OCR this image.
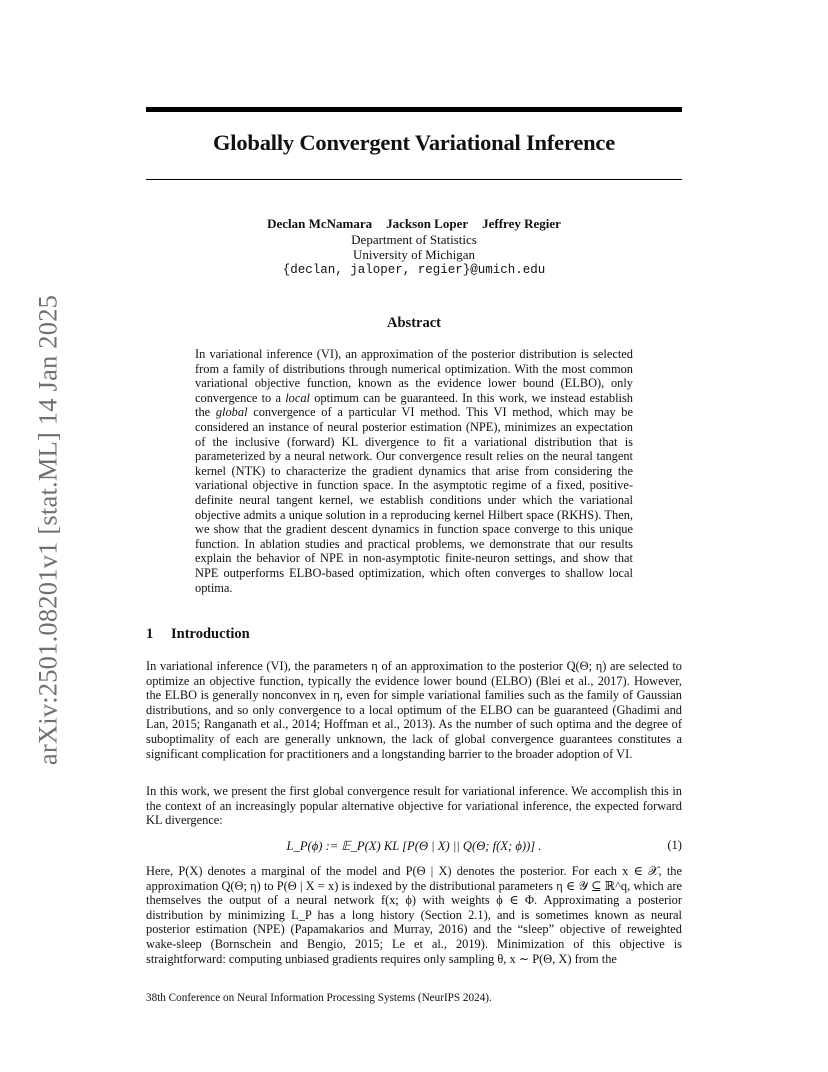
arXiv:2501.08201v1 [stat.ML] 14 Jan 2025
Globally Convergent Variational Inference
Declan McNamara Jackson Loper Jeffrey Regier
Department of Statistics
University of Michigan
{declan, jaloper, regier}@umich.edu
Abstract

In variational inference (VI), an approximation of the posterior distribution is selected from a family of distributions through numerical optimization. With the most common variational objective function, known as the evidence lower bound (ELBO), only convergence to a local optimum can be guaranteed. In this work, we instead establish the global convergence of a particular VI method. This VI method, which may be considered an instance of neural posterior estimation (NPE), minimizes an expectation of the inclusive (forward) KL divergence to fit a variational distribution that is parameterized by a neural network. Our convergence result relies on the neural tangent kernel (NTK) to characterize the gradient dynamics that arise from considering the variational objective in function space. In the asymptotic regime of a fixed, positive-definite neural tangent kernel, we establish conditions under which the variational objective admits a unique solution in a reproducing kernel Hilbert space (RKHS). Then, we show that the gradient descent dynamics in function space converge to this unique function. In ablation studies and practical problems, we demonstrate that our results explain the behavior of NPE in non-asymptotic finite-neuron settings, and show that NPE outperforms ELBO-based optimization, which often converges to shallow local optima.

1 Introduction

In variational inference (VI), the parameters η of an approximation to the posterior Q(Θ; η) are selected to optimize an objective function, typically the evidence lower bound (ELBO) (Blei et al., 2017). However, the ELBO is generally nonconvex in η, even for simple variational families such as the family of Gaussian distributions, and so only convergence to a local optimum of the ELBO can be guaranteed (Ghadimi and Lan, 2015; Ranganath et al., 2014; Hoffman et al., 2013). As the number of such optima and the degree of suboptimality of each are generally unknown, the lack of global convergence guarantees constitutes a significant complication for practitioners and a longstanding barrier to the broader adoption of VI.

In this work, we present the first global convergence result for variational inference. We accomplish this in the context of an increasingly popular alternative objective for variational inference, the expected forward KL divergence:

L_P(ϕ) := 𝔼_P(X) KL [P(Θ | X) || Q(Θ; f(X; ϕ))] .	(1)

Here, P(X) denotes a marginal of the model and P(Θ | X) denotes the posterior. For each x ∈ 𝒳, the approximation Q(Θ; η) to P(Θ | X = x) is indexed by the distributional parameters η ∈ 𝒴 ⊆ ℝ^q, which are themselves the output of a neural network f(x; ϕ) with weights ϕ ∈ Φ. Approximating a posterior distribution by minimizing L_P has a long history (Section 2.1), and is sometimes known as neural posterior estimation (NPE) (Papamakarios and Murray, 2016) and the “sleep” objective of reweighted wake-sleep (Bornschein and Bengio, 2015; Le et al., 2019). Minimization of this objective is straightforward: computing unbiased gradients requires only sampling θ, x ∼ P(Θ, X) from the

38th Conference on Neural Information Processing Systems (NeurIPS 2024).
